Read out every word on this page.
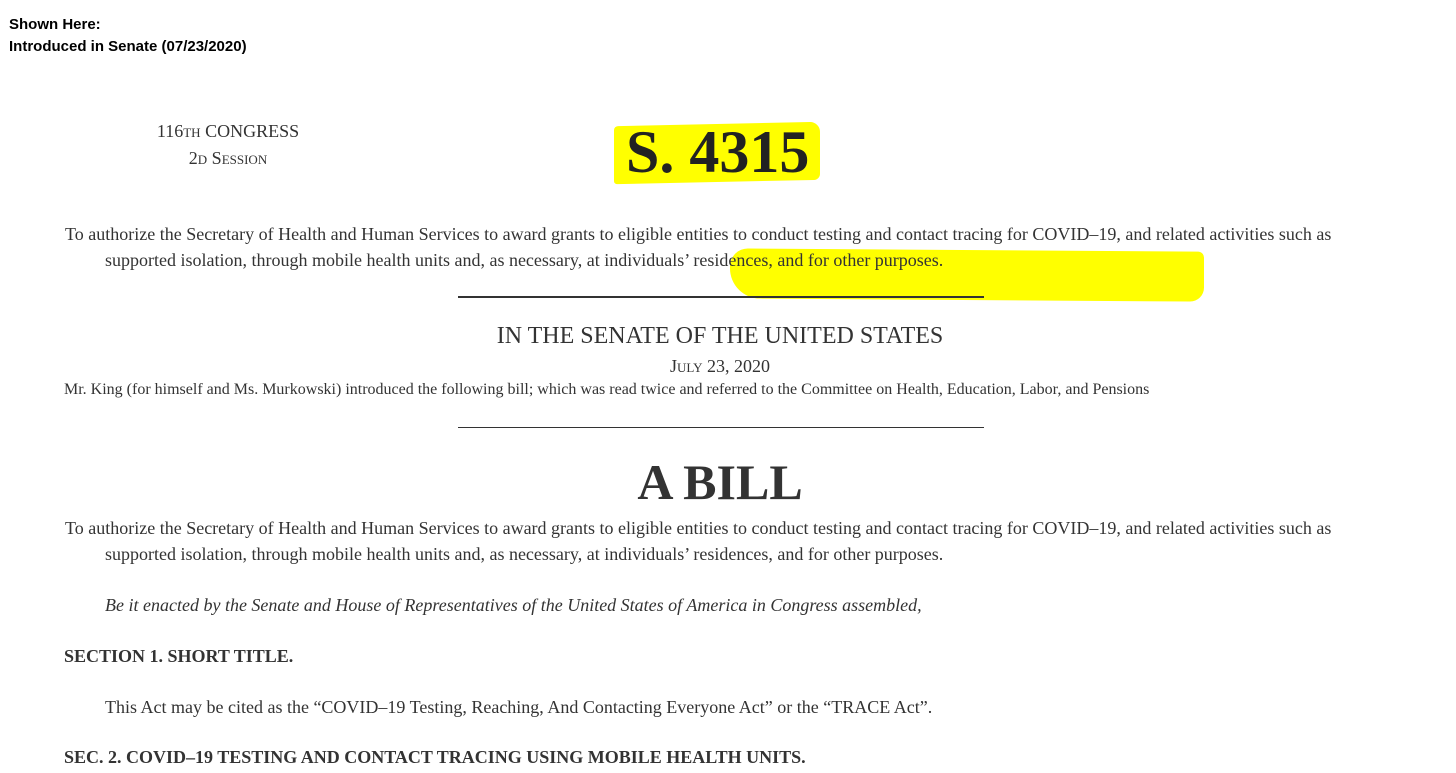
Shown Here:
Introduced in Senate (07/23/2020)
116th CONGRESS
2d Session	S. 4315
To authorize the Secretary of Health and Human Services to award grants to eligible entities to conduct testing and contact tracing for COVID–19, and related activities such as supported isolation, through mobile health units and, as necessary, at individuals’ residences, and for other purposes.
IN THE SENATE OF THE UNITED STATES
July 23, 2020
Mr. King (for himself and Ms. Murkowski) introduced the following bill; which was read twice and referred to the Committee on Health, Education, Labor, and Pensions
A BILL
To authorize the Secretary of Health and Human Services to award grants to eligible entities to conduct testing and contact tracing for COVID–19, and related activities such as supported isolation, through mobile health units and, as necessary, at individuals’ residences, and for other purposes.
Be it enacted by the Senate and House of Representatives of the United States of America in Congress assembled,
SECTION 1. SHORT TITLE.
This Act may be cited as the “COVID–19 Testing, Reaching, And Contacting Everyone Act” or the “TRACE Act”.
SEC. 2. COVID–19 TESTING AND CONTACT TRACING USING MOBILE HEALTH UNITS.
